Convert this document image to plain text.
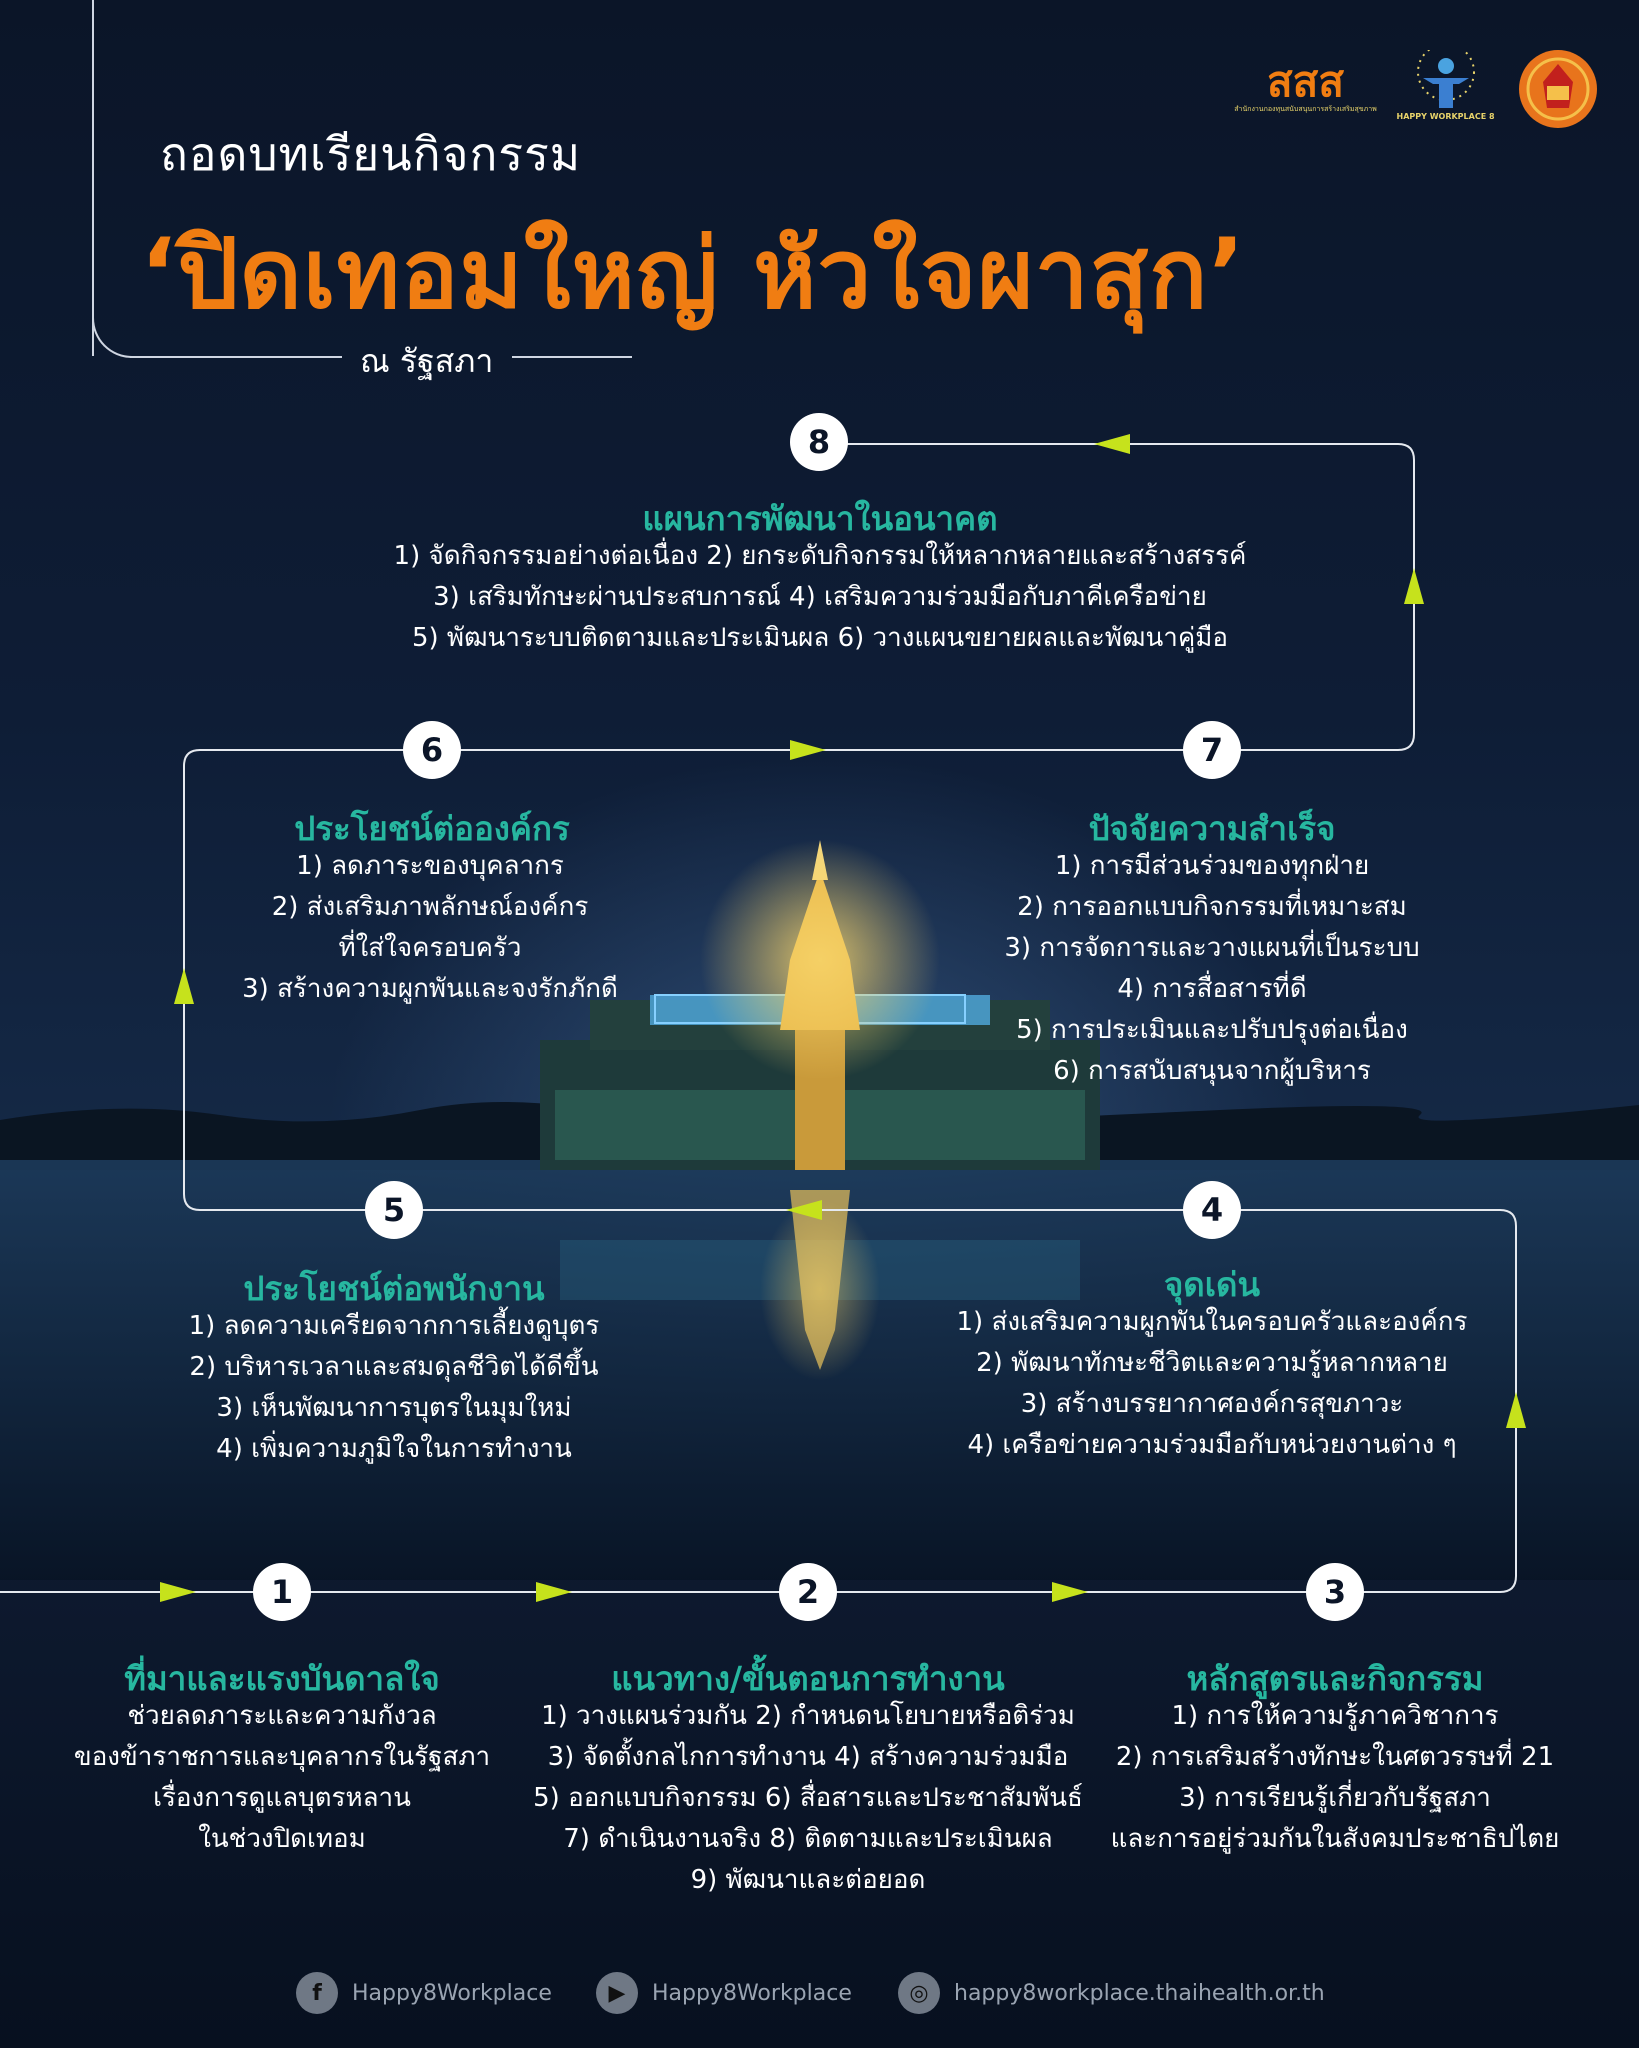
ถอดบทเรียนกิจกรรม
‘ปิดเทอมใหญ่ หัวใจผาสุก’
ณ รัฐสภา
สสส
สำนักงานกองทุนสนับสนุนการสร้างเสริมสุขภาพ
HAPPY WORKPLACE 8
1	2	3
4
5
6	7
8
แผนการพัฒนาในอนาคต
1) จัดกิจกรรมอย่างต่อเนื่อง 2) ยกระดับกิจกรรมให้หลากหลายและสร้างสรรค์
3) เสริมทักษะผ่านประสบการณ์ 4) เสริมความร่วมมือกับภาคีเครือข่าย
5) พัฒนาระบบติดตามและประเมินผล 6) วางแผนขยายผลและพัฒนาคู่มือ
ประโยชน์ต่อองค์กร
1) ลดภาระของบุคลากร
2) ส่งเสริมภาพลักษณ์องค์กร
ที่ใส่ใจครอบครัว
3) สร้างความผูกพันและจงรักภักดี
ปัจจัยความสำเร็จ
1) การมีส่วนร่วมของทุกฝ่าย
2) การออกแบบกิจกรรมที่เหมาะสม
3) การจัดการและวางแผนที่เป็นระบบ
4) การสื่อสารที่ดี
5) การประเมินและปรับปรุงต่อเนื่อง
6) การสนับสนุนจากผู้บริหาร
ประโยชน์ต่อพนักงาน
1) ลดความเครียดจากการเลี้ยงดูบุตร
2) บริหารเวลาและสมดุลชีวิตได้ดีขึ้น
3) เห็นพัฒนาการบุตรในมุมใหม่
4) เพิ่มความภูมิใจในการทำงาน
จุดเด่น
1) ส่งเสริมความผูกพันในครอบครัวและองค์กร
2) พัฒนาทักษะชีวิตและความรู้หลากหลาย
3) สร้างบรรยากาศองค์กรสุขภาวะ
4) เครือข่ายความร่วมมือกับหน่วยงานต่าง ๆ
ที่มาและแรงบันดาลใจ
ช่วยลดภาระและความกังวล
ของข้าราชการและบุคลากรในรัฐสภา
เรื่องการดูแลบุตรหลาน
ในช่วงปิดเทอม
แนวทาง/ขั้นตอนการทำงาน
1) วางแผนร่วมกัน 2) กำหนดนโยบายหรือติร่วม
3) จัดตั้งกลไกการทำงาน 4) สร้างความร่วมมือ
5) ออกแบบกิจกรรม 6) สื่อสารและประชาสัมพันธ์
7) ดำเนินงานจริง 8) ติดตามและประเมินผล
9) พัฒนาและต่อยอด
หลักสูตรและกิจกรรม
1) การให้ความรู้ภาควิชาการ
2) การเสริมสร้างทักษะในศตวรรษที่ 21
3) การเรียนรู้เกี่ยวกับรัฐสภา
และการอยู่ร่วมกันในสังคมประชาธิปไตย
f	Happy8Workplace	▶	Happy8Workplace	◎	happy8workplace.thaihealth.or.th
